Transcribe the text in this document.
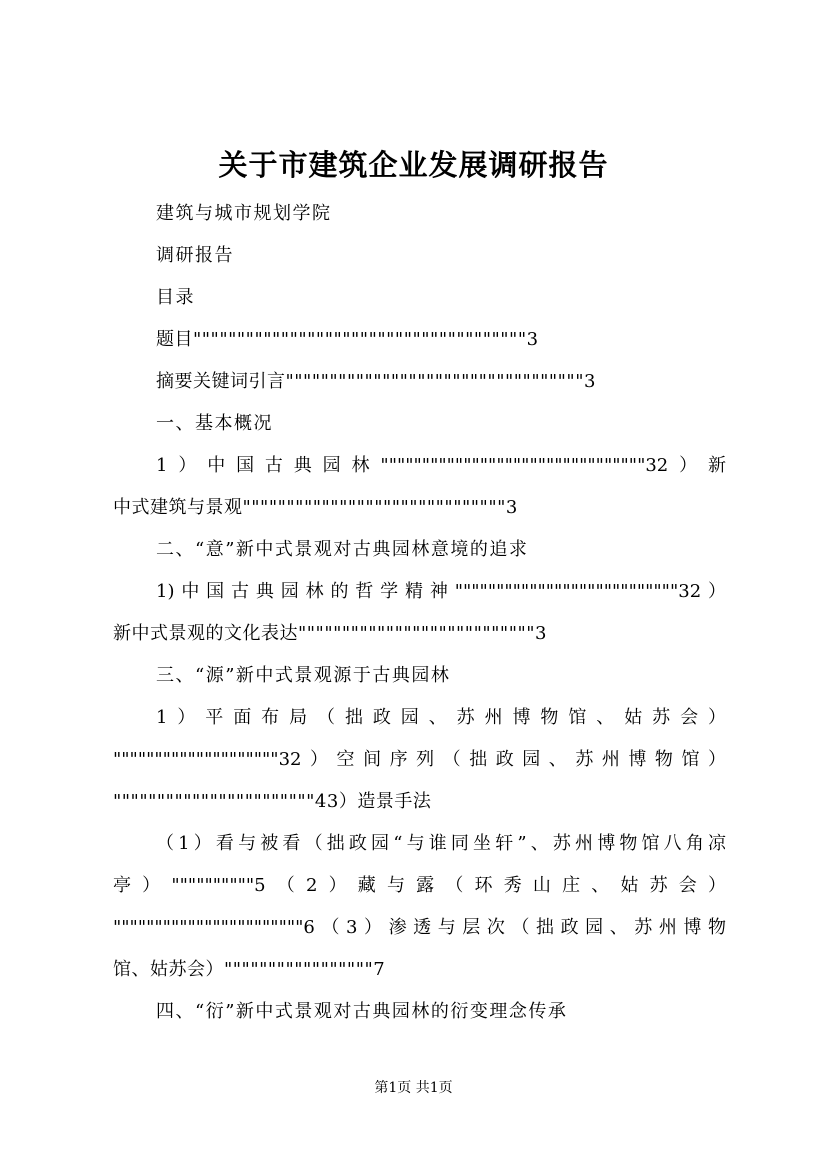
关于市建筑企业发展调研报告
建筑与城市规划学院
调研报告
目录
题目""""""""""""""""""""""""""""""""""""""3
摘要关键词引言""""""""""""""""""""""""""""""""""3
一、基本概况
1）中国古典园林""""""""""""""""""""""""""""""""32）新
中式建筑与景观""""""""""""""""""""""""""""""3
二、“意”新中式景观对古典园林意境的追求
1)中国古典园林的哲学精神"""""""""""""""""""""""""""32）
新中式景观的文化表达"""""""""""""""""""""""""""3
三、“源”新中式景观源于古典园林
1）平面布局（拙政园、苏州博物馆、姑苏会）
""""""""""""""""""""32）空间序列（拙政园、苏州博物馆）
"""""""""""""""""""""""43）造景手法
（1）看与被看（拙政园“与谁同坐轩”、苏州博物馆八角凉
亭）""""""""""5（2）藏与露（环秀山庄、姑苏会）
"""""""""""""""""""""""6（3）渗透与层次（拙政园、苏州博物
馆、姑苏会）"""""""""""""""""7
四、“衍”新中式景观对古典园林的衍变理念传承
第1页 共1页
